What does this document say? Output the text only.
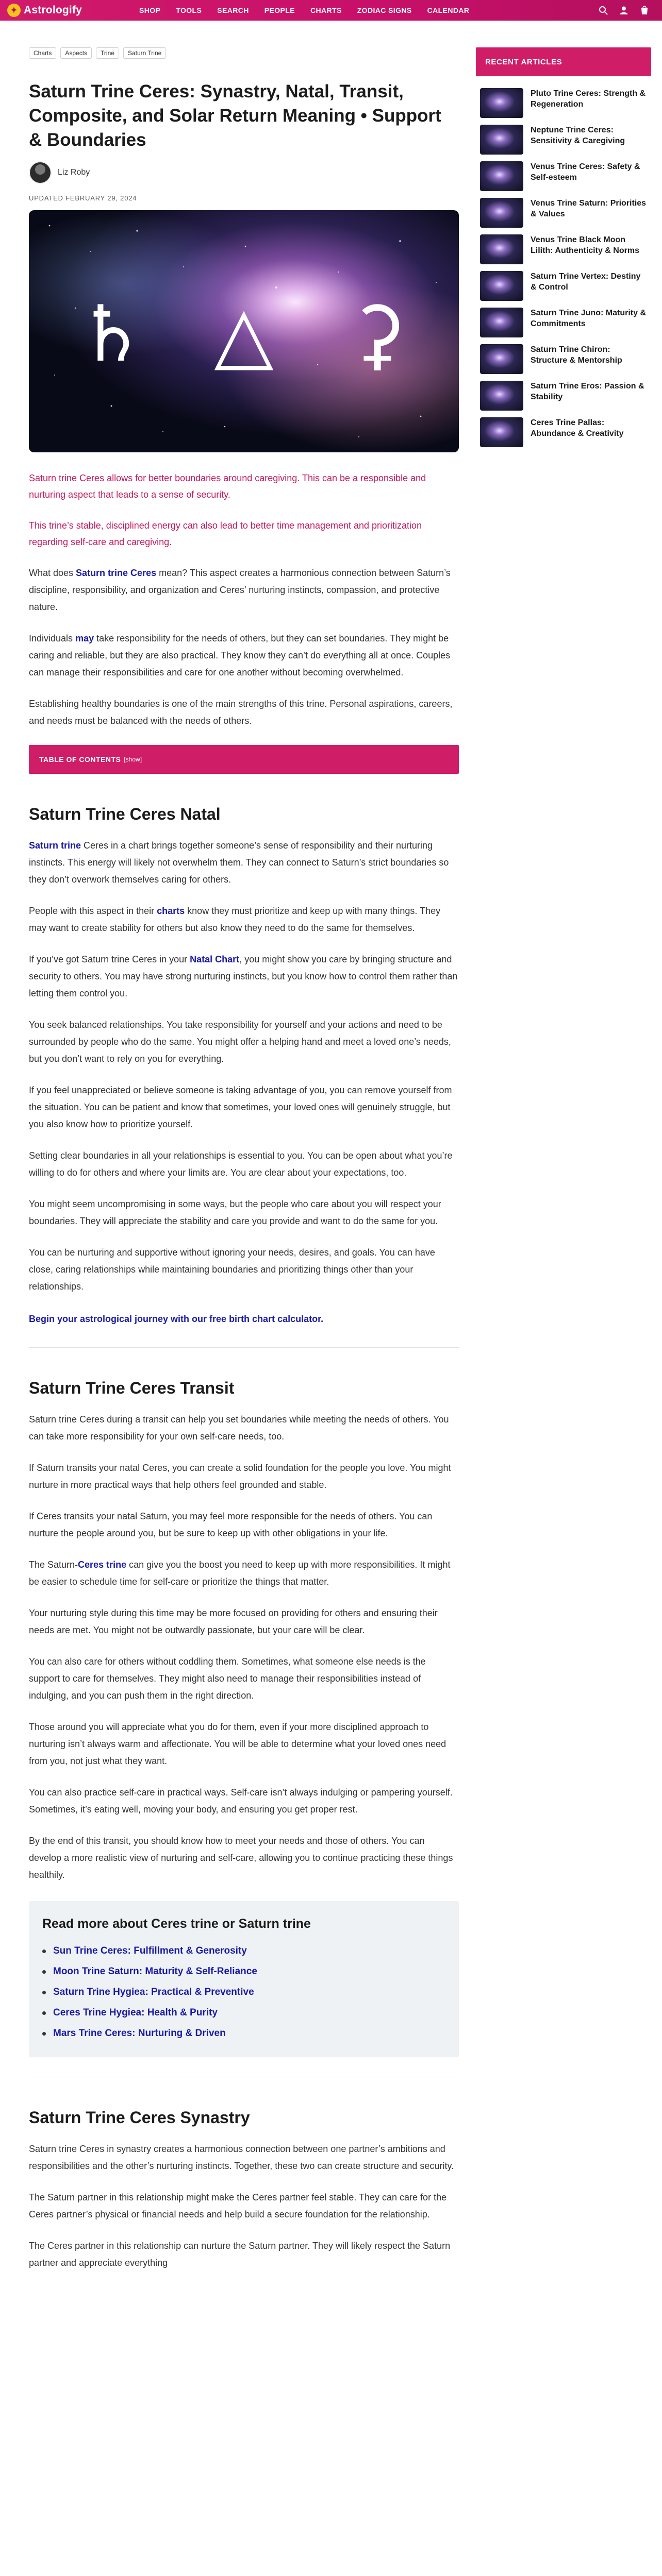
✦ Astrologify	SHOP TOOLS SEARCH PEOPLE CHARTS ZODIAC SIGNS CALENDAR
Charts	Aspects	Trine	Saturn Trine
Saturn Trine Ceres: Synastry, Natal, Transit, Composite, and Solar Return Meaning • Support & Boundaries
Liz Roby
UPDATED FEBRUARY 29, 2024
♄ △ ⚳

Saturn trine Ceres allows for better boundaries around caregiving. This can be a responsible and nurturing aspect that leads to a sense of security.

This trine’s stable, disciplined energy can also lead to better time management and prioritization regarding self-care and caregiving.

What does Saturn trine Ceres mean? This aspect creates a harmonious connection between Saturn’s discipline, responsibility, and organization and Ceres’ nurturing instincts, compassion, and protective nature.

Individuals may take responsibility for the needs of others, but they can set boundaries. They might be caring and reliable, but they are also practical. They know they can’t do everything all at once. Couples can manage their responsibilities and care for one another without becoming overwhelmed.

Establishing healthy boundaries is one of the main strengths of this trine. Personal aspirations, careers, and needs must be balanced with the needs of others.

TABLE OF CONTENTS [show]
Saturn Trine Ceres Natal

Saturn trine Ceres in a chart brings together someone’s sense of responsibility and their nurturing instincts. This energy will likely not overwhelm them. They can connect to Saturn’s strict boundaries so they don’t overwork themselves caring for others.

People with this aspect in their charts know they must prioritize and keep up with many things. They may want to create stability for others but also know they need to do the same for themselves.

If you’ve got Saturn trine Ceres in your Natal Chart, you might show you care by bringing structure and security to others. You may have strong nurturing instincts, but you know how to control them rather than letting them control you.

You seek balanced relationships. You take responsibility for yourself and your actions and need to be surrounded by people who do the same. You might offer a helping hand and meet a loved one’s needs, but you don’t want to rely on you for everything.

If you feel unappreciated or believe someone is taking advantage of you, you can remove yourself from the situation. You can be patient and know that sometimes, your loved ones will genuinely struggle, but you also know how to prioritize yourself.

Setting clear boundaries in all your relationships is essential to you. You can be open about what you’re willing to do for others and where your limits are. You are clear about your expectations, too.

You might seem uncompromising in some ways, but the people who care about you will respect your boundaries. They will appreciate the stability and care you provide and want to do the same for you.

You can be nurturing and supportive without ignoring your needs, desires, and goals. You can have close, caring relationships while maintaining boundaries and prioritizing things other than your relationships.

Begin your astrological journey with our free birth chart calculator.

Saturn Trine Ceres Transit

Saturn trine Ceres during a transit can help you set boundaries while meeting the needs of others. You can take more responsibility for your own self-care needs, too.

If Saturn transits your natal Ceres, you can create a solid foundation for the people you love. You might nurture in more practical ways that help others feel grounded and stable.

If Ceres transits your natal Saturn, you may feel more responsible for the needs of others. You can nurture the people around you, but be sure to keep up with other obligations in your life.

The Saturn-Ceres trine can give you the boost you need to keep up with more responsibilities. It might be easier to schedule time for self-care or prioritize the things that matter.

Your nurturing style during this time may be more focused on providing for others and ensuring their needs are met. You might not be outwardly passionate, but your care will be clear.

You can also care for others without coddling them. Sometimes, what someone else needs is the support to care for themselves. They might also need to manage their responsibilities instead of indulging, and you can push them in the right direction.

Those around you will appreciate what you do for them, even if your more disciplined approach to nurturing isn’t always warm and affectionate. You will be able to determine what your loved ones need from you, not just what they want.

You can also practice self-care in practical ways. Self-care isn’t always indulging or pampering yourself. Sometimes, it’s eating well, moving your body, and ensuring you get proper rest.

By the end of this transit, you should know how to meet your needs and those of others. You can develop a more realistic view of nurturing and self-care, allowing you to continue practicing these things healthily.

Read more about Ceres trine or Saturn trine
Sun Trine Ceres: Fulfillment & Generosity
Moon Trine Saturn: Maturity & Self-Reliance
Saturn Trine Hygiea: Practical & Preventive
Ceres Trine Hygiea: Health & Purity
Mars Trine Ceres: Nurturing & Driven
Saturn Trine Ceres Synastry

Saturn trine Ceres in synastry creates a harmonious connection between one partner’s ambitions and responsibilities and the other’s nurturing instincts. Together, these two can create structure and security.

The Saturn partner in this relationship might make the Ceres partner feel stable. They can care for the Ceres partner’s physical or financial needs and help build a secure foundation for the relationship.

The Ceres partner in this relationship can nurture the Saturn partner. They will likely respect the Saturn partner and appreciate everything

RECENT ARTICLES
Pluto Trine Ceres: Strength & Regeneration
Neptune Trine Ceres: Sensitivity & Caregiving
Venus Trine Ceres: Safety & Self-esteem
Venus Trine Saturn: Priorities & Values
Venus Trine Black Moon Lilith: Authenticity & Norms
Saturn Trine Vertex: Destiny & Control
Saturn Trine Juno: Maturity & Commitments
Saturn Trine Chiron: Structure & Mentorship
Saturn Trine Eros: Passion & Stability
Ceres Trine Pallas: Abundance & Creativity
